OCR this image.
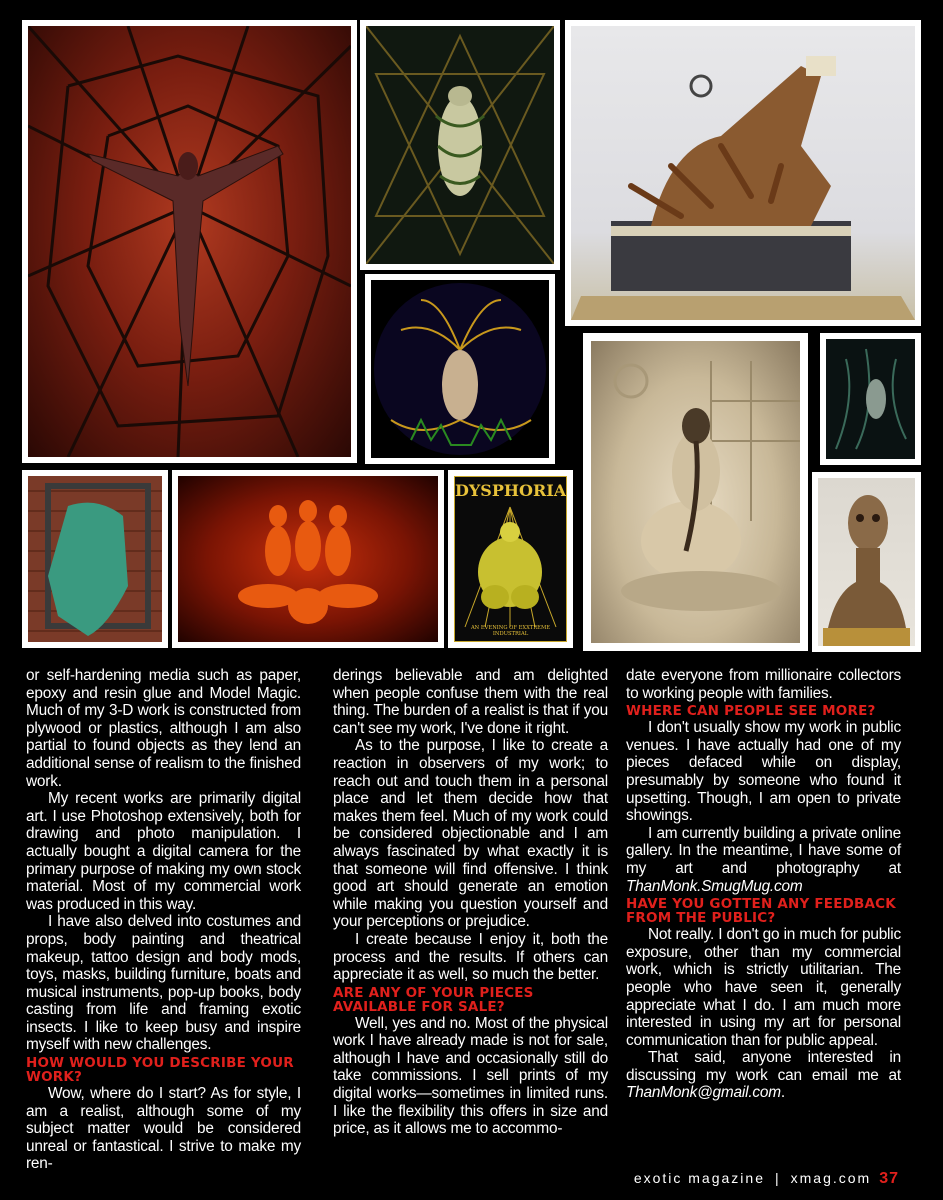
DYSPHORIA
AN EVENING OF EXXTREME INDUSTRIAL

or self-hardening media such as paper, epoxy and resin glue and Model Magic. Much of my 3-D work is constructed from plywood or plastics, although I am also partial to found objects as they lend an additional sense of realism to the finished work.

My recent works are primarily digital art. I use Photoshop extensively, both for drawing and photo manipulation. I actually bought a digital camera for the primary purpose of making my own stock material. Most of my commercial work was produced in this way.

I have also delved into costumes and props, body painting and theatrical makeup, tattoo design and body mods, toys, masks, building furniture, boats and musical instruments, pop-up books, body casting from life and framing exotic insects. I like to keep busy and inspire myself with new challenges.

HOW WOULD YOU DESCRIBE YOUR WORK?

Wow, where do I start? As for style, I am a realist, although some of my subject matter would be considered unreal or fantastical. I strive to make my ren-

derings believable and am delighted when people confuse them with the real thing. The burden of a realist is that if you can't see my work, I've done it right.

As to the purpose, I like to create a reaction in observers of my work; to reach out and touch them in a personal place and let them decide how that makes them feel. Much of my work could be considered objectionable and I am always fascinated by what exactly it is that someone will find offensive. I think good art should generate an emotion while making you question yourself and your perceptions or prejudice.

I create because I enjoy it, both the process and the results. If others can appreciate it as well, so much the better.

ARE ANY OF YOUR PIECES AVAILABLE FOR SALE?

Well, yes and no. Most of the physical work I have already made is not for sale, although I have and occasionally still do take commissions. I sell prints of my digital works—sometimes in limited runs. I like the flexibility this offers in size and price, as it allows me to accommo-

date everyone from millionaire collectors to working people with families.

WHERE CAN PEOPLE SEE MORE?

I don't usually show my work in public venues. I have actually had one of my pieces defaced while on display, presumably by someone who found it upsetting. Though, I am open to private showings.

I am currently building a private online gallery. In the meantime, I have some of my art and photography at ThanMonk.SmugMug.com

HAVE YOU GOTTEN ANY FEEDBACK FROM THE PUBLIC?

Not really. I don't go in much for public exposure, other than my commercial work, which is strictly utilitarian. The people who have seen it, generally appreciate what I do. I am much more interested in using my art for personal communication than for public appeal.

That said, anyone interested in discussing my work can email me at ThanMonk@gmail.com.

exotic magazine | xmag.com 37
